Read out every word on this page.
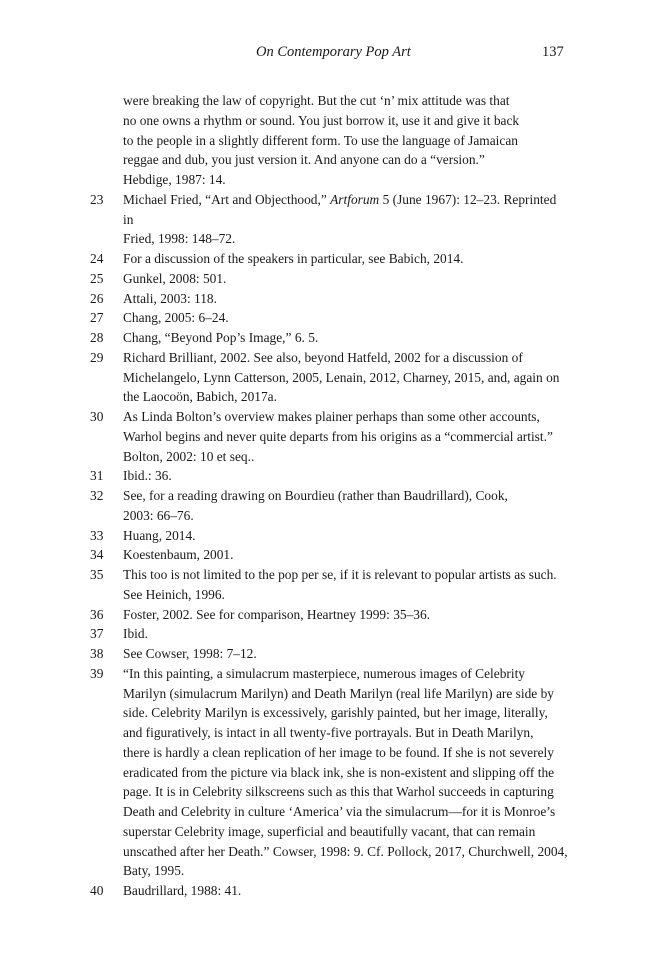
On Contemporary Pop Art	137
were breaking the law of copyright. But the cut ‘n’ mix attitude was that
no one owns a rhythm or sound. You just borrow it, use it and give it back
to the people in a slightly different form. To use the language of Jamaican
reggae and dub, you just version it. And anyone can do a “version.”
Hebdige, 1987: 14.
23	Michael Fried, “Art and Objecthood,” Artforum 5 (June 1967): 12–23. Reprinted in
Fried, 1998: 148–72.
24	For a discussion of the speakers in particular, see Babich, 2014.
25	Gunkel, 2008: 501.
26	Attali, 2003: 118.
27	Chang, 2005: 6–24.
28	Chang, “Beyond Pop’s Image,” 6. 5.
29	Richard Brilliant, 2002. See also, beyond Hatfeld, 2002 for a discussion of
Michelangelo, Lynn Catterson, 2005, Lenain, 2012, Charney, 2015, and, again on
the Laocoön, Babich, 2017a.
30	As Linda Bolton’s overview makes plainer perhaps than some other accounts,
Warhol begins and never quite departs from his origins as a “commercial artist.”
Bolton, 2002: 10 et seq..
31	Ibid.: 36.
32	See, for a reading drawing on Bourdieu (rather than Baudrillard), Cook,
2003: 66–76.
33	Huang, 2014.
34	Koestenbaum, 2001.
35	This too is not limited to the pop per se, if it is relevant to popular artists as such.
See Heinich, 1996.
36	Foster, 2002. See for comparison, Heartney 1999: 35–36.
37	Ibid.
38	See Cowser, 1998: 7–12.
39	“In this painting, a simulacrum masterpiece, numerous images of Celebrity
Marilyn (simulacrum Marilyn) and Death Marilyn (real life Marilyn) are side by
side. Celebrity Marilyn is excessively, garishly painted, but her image, literally,
and figuratively, is intact in all twenty-five portrayals. But in Death Marilyn,
there is hardly a clean replication of her image to be found. If she is not severely
eradicated from the picture via black ink, she is non-existent and slipping off the
page. It is in Celebrity silkscreens such as this that Warhol succeeds in capturing
Death and Celebrity in culture ‘America’ via the simulacrum—for it is Monroe’s
superstar Celebrity image, superficial and beautifully vacant, that can remain
unscathed after her Death.” Cowser, 1998: 9. Cf. Pollock, 2017, Churchwell, 2004,
Baty, 1995.
40	Baudrillard, 1988: 41.
